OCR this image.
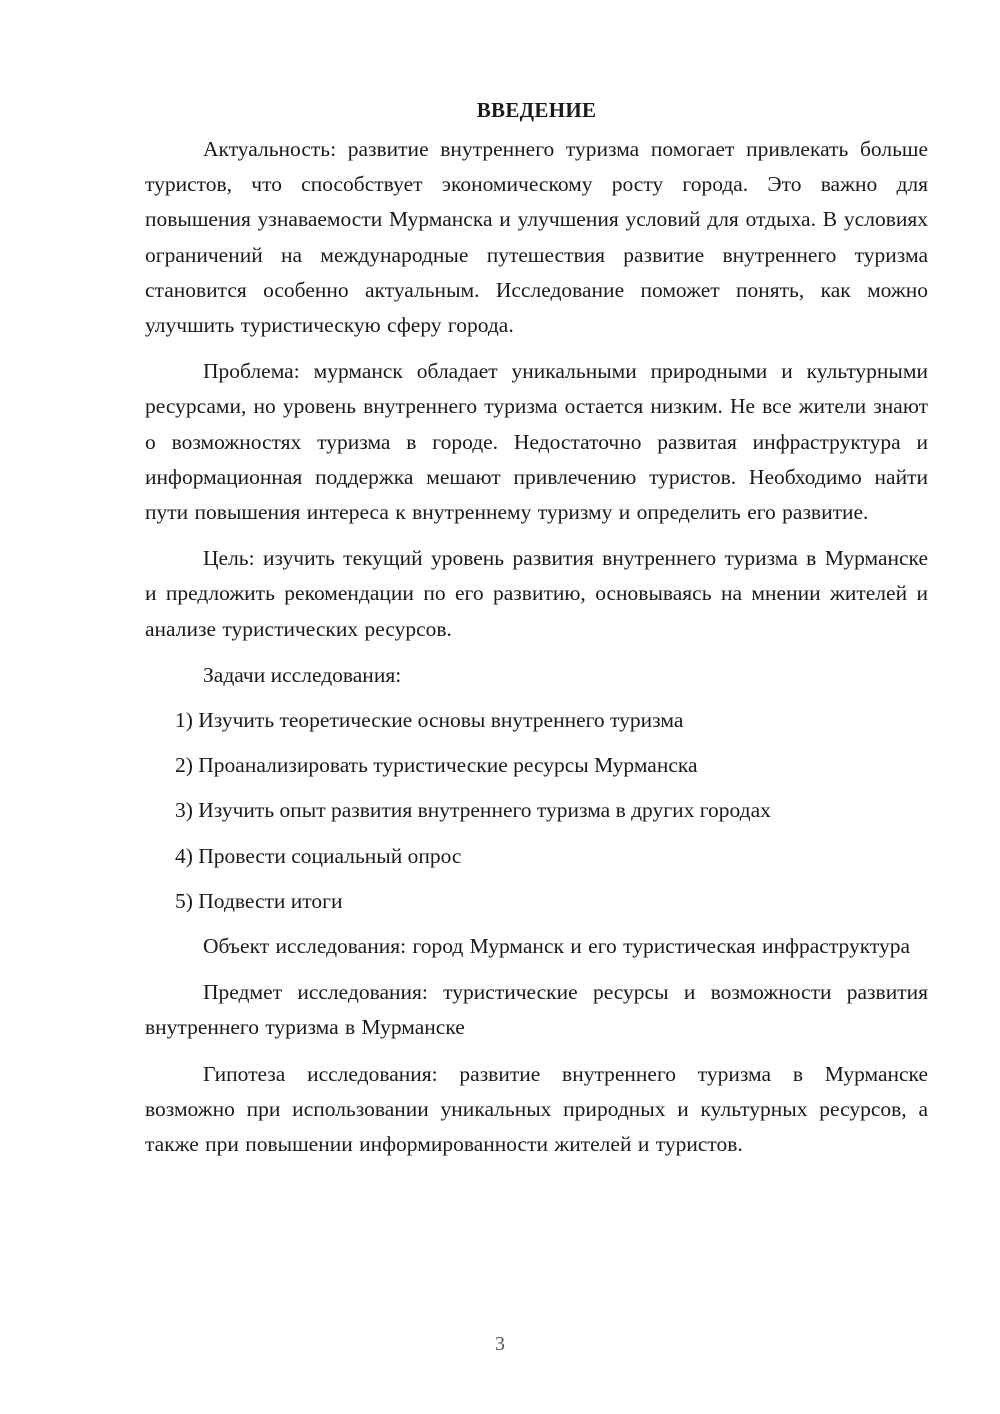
ВВЕДЕНИЕ

Актуальность: развитие внутреннего туризма помогает привлекать больше туристов, что способствует экономическому росту города. Это важно для повышения узнаваемости Мурманска и улучшения условий для отдыха. В условиях ограничений на международные путешествия развитие внутреннего туризма становится особенно актуальным. Исследование поможет понять, как можно улучшить туристическую сферу города.

Проблема: мурманск обладает уникальными природными и культурными ресурсами, но уровень внутреннего туризма остается низким. Не все жители знают о возможностях туризма в городе. Недостаточно развитая инфраструктура и информационная поддержка мешают привлечению туристов. Необходимо найти пути повышения интереса к внутреннему туризму и определить его развитие.

Цель: изучить текущий уровень развития внутреннего туризма в Мурманске и предложить рекомендации по его развитию, основываясь на мнении жителей и анализе туристических ресурсов.

Задачи исследования:

1) Изучить теоретические основы внутреннего туризма
2) Проанализировать туристические ресурсы Мурманска
3) Изучить опыт развития внутреннего туризма в других городах
4) Провести социальный опрос
5) Подвести итоги

Объект исследования: город Мурманск и его туристическая инфраструктура

Предмет исследования: туристические ресурсы и возможности развития внутреннего туризма в Мурманске

Гипотеза исследования: развитие внутреннего туризма в Мурманске возможно при использовании уникальных природных и культурных ресурсов, а также при повышении информированности жителей и туристов.

3
